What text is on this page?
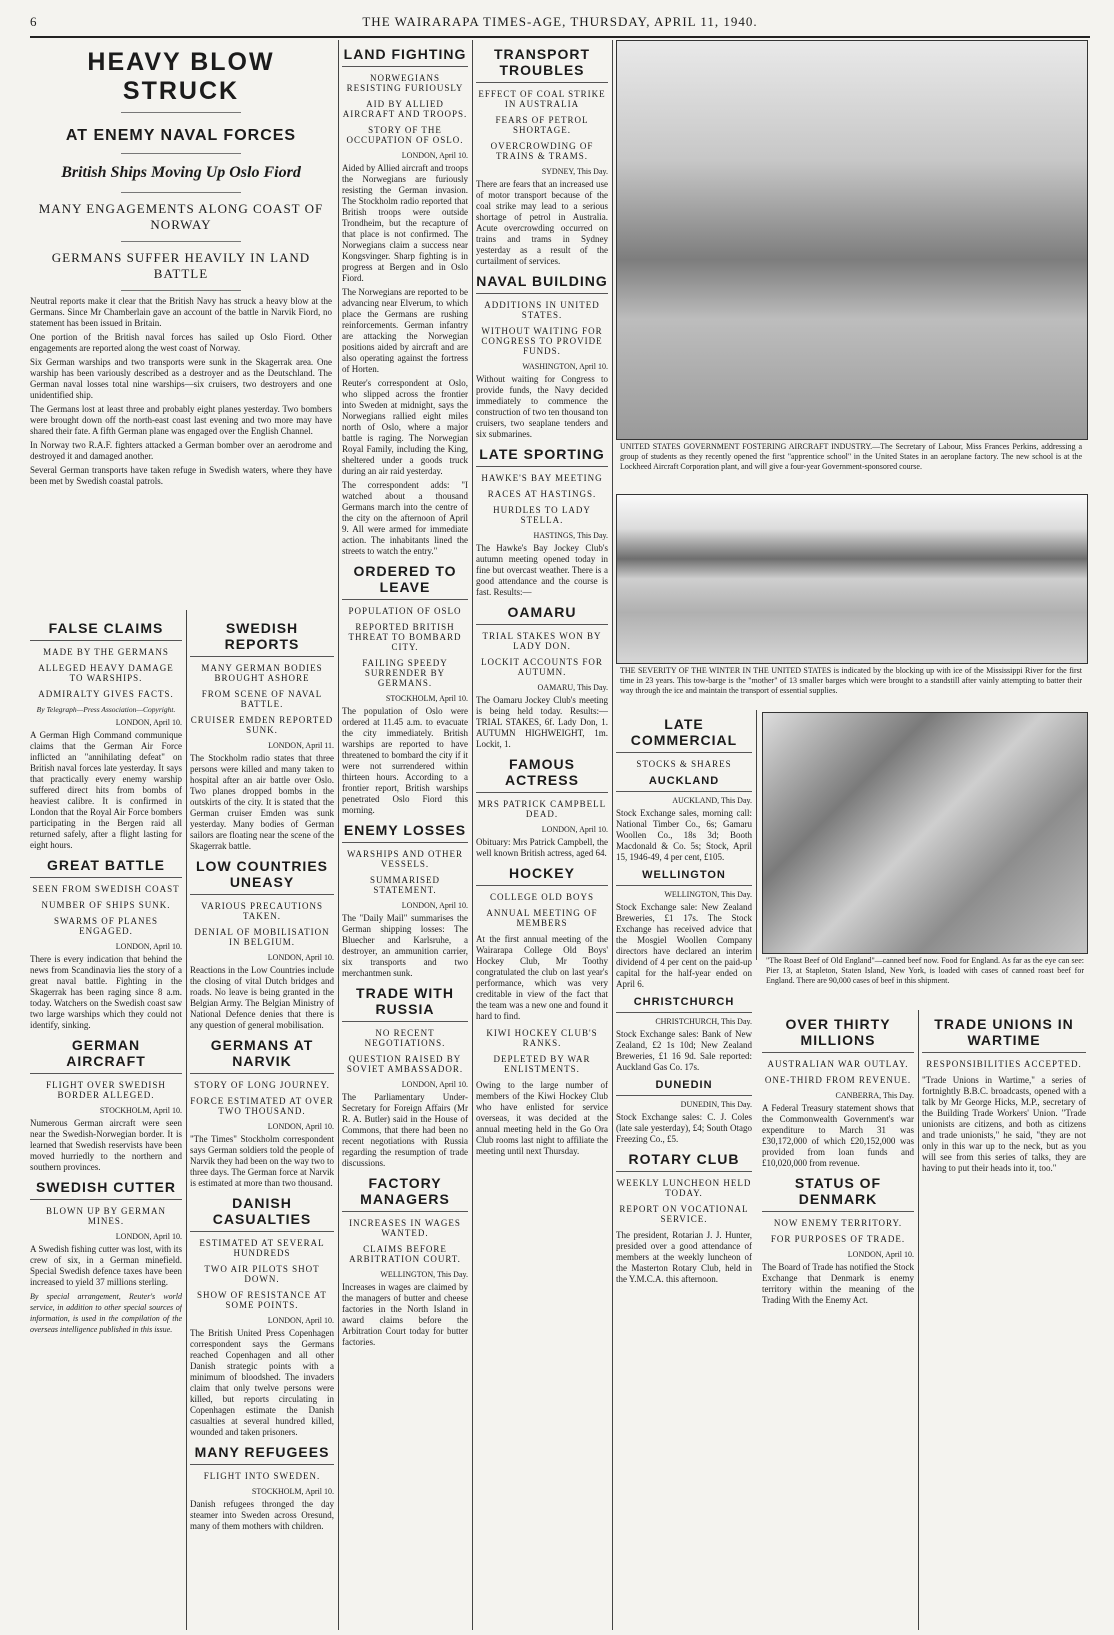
6	THE WAIRARAPA TIMES-AGE, THURSDAY, APRIL 11, 1940.
HEAVY BLOW STRUCK
AT ENEMY NAVAL FORCES
British Ships Moving Up Oslo Fiord
MANY ENGAGEMENTS ALONG COAST OF NORWAY
GERMANS SUFFER HEAVILY IN LAND BATTLE

Neutral reports make it clear that the British Navy has struck a heavy blow at the Germans. Since Mr Chamberlain gave an account of the battle in Narvik Fiord, no statement has been issued in Britain.

One portion of the British naval forces has sailed up Oslo Fiord. Other engagements are reported along the west coast of Norway.

Six German warships and two transports were sunk in the Skagerrak area. One warship has been variously described as a destroyer and as the Deutschland. The German naval losses total nine warships—six cruisers, two destroyers and one unidentified ship.

The Germans lost at least three and probably eight planes yesterday. Two bombers were brought down off the north-east coast last evening and two more may have shared their fate. A fifth German plane was engaged over the English Channel.

In Norway two R.A.F. fighters attacked a German bomber over an aerodrome and destroyed it and damaged another.

Several German transports have taken refuge in Swedish waters, where they have been met by Swedish coastal patrols.

FALSE CLAIMS
MADE BY THE GERMANS
ALLEGED HEAVY DAMAGE TO WARSHIPS.
ADMIRALTY GIVES FACTS.
By Telegraph—Press Association—Copyright.
LONDON, April 10.

A German High Command communique claims that the German Air Force inflicted an "annihilating defeat" on British naval forces late yesterday. It says that practically every enemy warship suffered direct hits from bombs of heaviest calibre. It is confirmed in London that the Royal Air Force bombers participating in the Bergen raid all returned safely, after a flight lasting for eight hours.

GREAT BATTLE
SEEN FROM SWEDISH COAST
NUMBER OF SHIPS SUNK.
SWARMS OF PLANES ENGAGED.
LONDON, April 10.

There is every indication that behind the news from Scandinavia lies the story of a great naval battle. Fighting in the Skagerrak has been raging since 8 a.m. today. Watchers on the Swedish coast saw two large warships which they could not identify, sinking.

GERMAN AIRCRAFT
FLIGHT OVER SWEDISH BORDER ALLEGED.
STOCKHOLM, April 10.

Numerous German aircraft were seen near the Swedish-Norwegian border. It is learned that Swedish reservists have been moved hurriedly to the northern and southern provinces.

SWEDISH CUTTER
BLOWN UP BY GERMAN MINES.
LONDON, April 10.

A Swedish fishing cutter was lost, with its crew of six, in a German minefield. Special Swedish defence taxes have been increased to yield 37 millions sterling.

By special arrangement, Reuter's world service, in addition to other special sources of information, is used in the compilation of the overseas intelligence published in this issue.

SWEDISH REPORTS
MANY GERMAN BODIES BROUGHT ASHORE
FROM SCENE OF NAVAL BATTLE.
CRUISER EMDEN REPORTED SUNK.
LONDON, April 11.

The Stockholm radio states that three persons were killed and many taken to hospital after an air battle over Oslo. Two planes dropped bombs in the outskirts of the city. It is stated that the German cruiser Emden was sunk yesterday. Many bodies of German sailors are floating near the scene of the Skagerrak battle.

LOW COUNTRIES UNEASY
VARIOUS PRECAUTIONS TAKEN.
DENIAL OF MOBILISATION IN BELGIUM.
LONDON, April 10.

Reactions in the Low Countries include the closing of vital Dutch bridges and roads. No leave is being granted in the Belgian Army. The Belgian Ministry of National Defence denies that there is any question of general mobilisation.

GERMANS AT NARVIK
STORY OF LONG JOURNEY.
FORCE ESTIMATED AT OVER TWO THOUSAND.
LONDON, April 10.

"The Times" Stockholm correspondent says German soldiers told the people of Narvik they had been on the way two to three days. The German force at Narvik is estimated at more than two thousand.

DANISH CASUALTIES
ESTIMATED AT SEVERAL HUNDREDS
TWO AIR PILOTS SHOT DOWN.
SHOW OF RESISTANCE AT SOME POINTS.
LONDON, April 10.

The British United Press Copenhagen correspondent says the Germans reached Copenhagen and all other Danish strategic points with a minimum of bloodshed. The invaders claim that only twelve persons were killed, but reports circulating in Copenhagen estimate the Danish casualties at several hundred killed, wounded and taken prisoners.

MANY REFUGEES
FLIGHT INTO SWEDEN.
STOCKHOLM, April 10.

Danish refugees thronged the day steamer into Sweden across Oresund, many of them mothers with children.

LAND FIGHTING
NORWEGIANS RESISTING FURIOUSLY
AID BY ALLIED AIRCRAFT AND TROOPS.
STORY OF THE OCCUPATION OF OSLO.
LONDON, April 10.

Aided by Allied aircraft and troops the Norwegians are furiously resisting the German invasion. The Stockholm radio reported that British troops were outside Trondheim, but the recapture of that place is not confirmed. The Norwegians claim a success near Kongsvinger. Sharp fighting is in progress at Bergen and in Oslo Fiord.

The Norwegians are reported to be advancing near Elverum, to which place the Germans are rushing reinforcements. German infantry are attacking the Norwegian positions aided by aircraft and are also operating against the fortress of Horten.

Reuter's correspondent at Oslo, who slipped across the frontier into Sweden at midnight, says the Norwegians rallied eight miles north of Oslo, where a major battle is raging. The Norwegian Royal Family, including the King, sheltered under a goods truck during an air raid yesterday.

The correspondent adds: "I watched about a thousand Germans march into the centre of the city on the afternoon of April 9. All were armed for immediate action. The inhabitants lined the streets to watch the entry."

ORDERED TO LEAVE
POPULATION OF OSLO
REPORTED BRITISH THREAT TO BOMBARD CITY.
FAILING SPEEDY SURRENDER BY GERMANS.
STOCKHOLM, April 10.

The population of Oslo were ordered at 11.45 a.m. to evacuate the city immediately. British warships are reported to have threatened to bombard the city if it were not surrendered within thirteen hours. According to a frontier report, British warships penetrated Oslo Fiord this morning.

ENEMY LOSSES
WARSHIPS AND OTHER VESSELS.
SUMMARISED STATEMENT.
LONDON, April 10.

The "Daily Mail" summarises the German shipping losses: The Bluecher and Karlsruhe, a destroyer, an ammunition carrier, six transports and two merchantmen sunk.

TRADE WITH RUSSIA
NO RECENT NEGOTIATIONS.
QUESTION RAISED BY SOVIET AMBASSADOR.
LONDON, April 10.

The Parliamentary Under-Secretary for Foreign Affairs (Mr R. A. Butler) said in the House of Commons, that there had been no recent negotiations with Russia regarding the resumption of trade discussions.

FACTORY MANAGERS
INCREASES IN WAGES WANTED.
CLAIMS BEFORE ARBITRATION COURT.
WELLINGTON, This Day.

Increases in wages are claimed by the managers of butter and cheese factories in the North Island in award claims before the Arbitration Court today for butter factories.

TRANSPORT TROUBLES
EFFECT OF COAL STRIKE IN AUSTRALIA
FEARS OF PETROL SHORTAGE.
OVERCROWDING OF TRAINS & TRAMS.
SYDNEY, This Day.

There are fears that an increased use of motor transport because of the coal strike may lead to a serious shortage of petrol in Australia. Acute overcrowding occurred on trains and trams in Sydney yesterday as a result of the curtailment of services.

NAVAL BUILDING
ADDITIONS IN UNITED STATES.
WITHOUT WAITING FOR CONGRESS TO PROVIDE FUNDS.
WASHINGTON, April 10.

Without waiting for Congress to provide funds, the Navy decided immediately to commence the construction of two ten thousand ton cruisers, two seaplane tenders and six submarines.

LATE SPORTING
HAWKE'S BAY MEETING
RACES AT HASTINGS.
HURDLES TO LADY STELLA.
HASTINGS, This Day.

The Hawke's Bay Jockey Club's autumn meeting opened today in fine but overcast weather. There is a good attendance and the course is fast. Results:—

OAMARU
TRIAL STAKES WON BY LADY DON.
LOCKIT ACCOUNTS FOR AUTUMN.
OAMARU, This Day.

The Oamaru Jockey Club's meeting is being held today. Results:— TRIAL STAKES, 6f. Lady Don, 1. AUTUMN HIGHWEIGHT, 1m. Lockit, 1.

FAMOUS ACTRESS
MRS PATRICK CAMPBELL DEAD.
LONDON, April 10.

Obituary: Mrs Patrick Campbell, the well known British actress, aged 64.

HOCKEY
COLLEGE OLD BOYS
ANNUAL MEETING OF MEMBERS

At the first annual meeting of the Wairarapa College Old Boys' Hockey Club, Mr Toothy congratulated the club on last year's performance, which was very creditable in view of the fact that the team was a new one and found it hard to find.

KIWI HOCKEY CLUB'S RANKS.
DEPLETED BY WAR ENLISTMENTS.

Owing to the large number of members of the Kiwi Hockey Club who have enlisted for service overseas, it was decided at the annual meeting held in the Go Ora Club rooms last night to affiliate the meeting until next Thursday.

UNITED STATES GOVERNMENT FOSTERING AIRCRAFT INDUSTRY.—The Secretary of Labour, Miss Frances Perkins, addressing a group of students as they recently opened the first "apprentice school" in the United States in an aeroplane factory. The new school is at the Lockheed Aircraft Corporation plant, and will give a four-year Government-sponsored course.
THE SEVERITY OF THE WINTER IN THE UNITED STATES is indicated by the blocking up with ice of the Mississippi River for the first time in 23 years. This tow-barge is the "mother" of 13 smaller barges which were brought to a standstill after vainly attempting to batter their way through the ice and maintain the transport of essential supplies.
LATE COMMERCIAL
STOCKS & SHARES
AUCKLAND
AUCKLAND, This Day.

Stock Exchange sales, morning call: National Timber Co., 6s; Gamaru Woollen Co., 18s 3d; Booth Macdonald & Co. 5s; Stock, April 15, 1946-49, 4 per cent, £105.

WELLINGTON
WELLINGTON, This Day.

Stock Exchange sale: New Zealand Breweries, £1 17s. The Stock Exchange has received advice that the Mosgiel Woollen Company directors have declared an interim dividend of 4 per cent on the paid-up capital for the half-year ended on April 6.

CHRISTCHURCH
CHRISTCHURCH, This Day.

Stock Exchange sales: Bank of New Zealand, £2 1s 10d; New Zealand Breweries, £1 16 9d. Sale reported: Auckland Gas Co. 17s.

DUNEDIN
DUNEDIN, This Day.

Stock Exchange sales: C. J. Coles (late sale yesterday), £4; South Otago Freezing Co., £5.

ROTARY CLUB
WEEKLY LUNCHEON HELD TODAY.
REPORT ON VOCATIONAL SERVICE.

The president, Rotarian J. J. Hunter, presided over a good attendance of members at the weekly luncheon of the Masterton Rotary Club, held in the Y.M.C.A. this afternoon.

"The Roast Beef of Old England"—canned beef now. Food for England. As far as the eye can see: Pier 13, at Stapleton, Staten Island, New York, is loaded with cases of canned roast beef for England. There are 90,000 cases of beef in this shipment.
OVER THIRTY MILLIONS
AUSTRALIAN WAR OUTLAY.
ONE-THIRD FROM REVENUE.
CANBERRA, This Day.

A Federal Treasury statement shows that the Commonwealth Government's war expenditure to March 31 was £30,172,000 of which £20,152,000 was provided from loan funds and £10,020,000 from revenue.

STATUS OF DENMARK
NOW ENEMY TERRITORY.
FOR PURPOSES OF TRADE.
LONDON, April 10.

The Board of Trade has notified the Stock Exchange that Denmark is enemy territory within the meaning of the Trading With the Enemy Act.

TRADE UNIONS IN WARTIME
RESPONSIBILITIES ACCEPTED.

"Trade Unions in Wartime," a series of fortnightly B.B.C. broadcasts, opened with a talk by Mr George Hicks, M.P., secretary of the Building Trade Workers' Union. "Trade unionists are citizens, and both as citizens and trade unionists," he said, "they are not only in this war up to the neck, but as you will see from this series of talks, they are having to put their heads into it, too."
